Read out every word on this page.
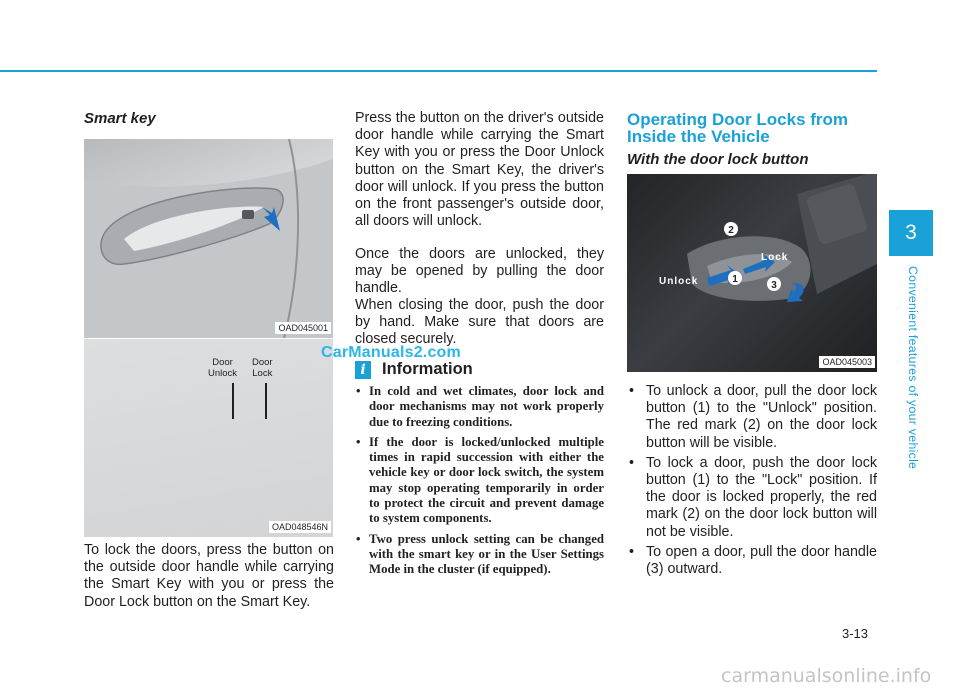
Smart key
OAD045001
Door
Unlock
Door
Lock
OAD048546N

To lock the doors, press the button on the outside door handle while carrying the Smart Key with you or press the Door Lock button on the Smart Key.

Press the button on the driver's outside door handle while carrying the Smart Key with you or press the Door Unlock button on the Smart Key, the driver's door will unlock. If you press the button on the front passenger's outside door, all doors will unlock.

Once the doors are unlocked, they may be opened by pulling the door handle.

When closing the door, push the door by hand. Make sure that doors are closed securely.

i Information
• In cold and wet climates, door lock and door mechanisms may not work properly due to freezing conditions.
• If the door is locked/unlocked multiple times in rapid succession with either the vehicle key or door lock switch, the system may stop operating temporarily in order to protect the circuit and prevent damage to system components.
• Two press unlock setting can be changed with the smart key or in the User Settings Mode in the cluster (if equipped).
CarManuals2.com
Operating Door Locks from Inside the Vehicle
With the door lock button
2
1
3
Unlock
Lock
OAD045003
• To unlock a door, pull the door lock button (1) to the "Unlock" position. The red mark (2) on the door lock button will be visible.
• To lock a door, push the door lock button (1) to the "Lock" position. If the door is locked properly, the red mark (2) on the door lock button will not be visible.
• To open a door, pull the door handle (3) outward.
3
Convenient features of your vehicle
3-13
carmanualsonline.info
